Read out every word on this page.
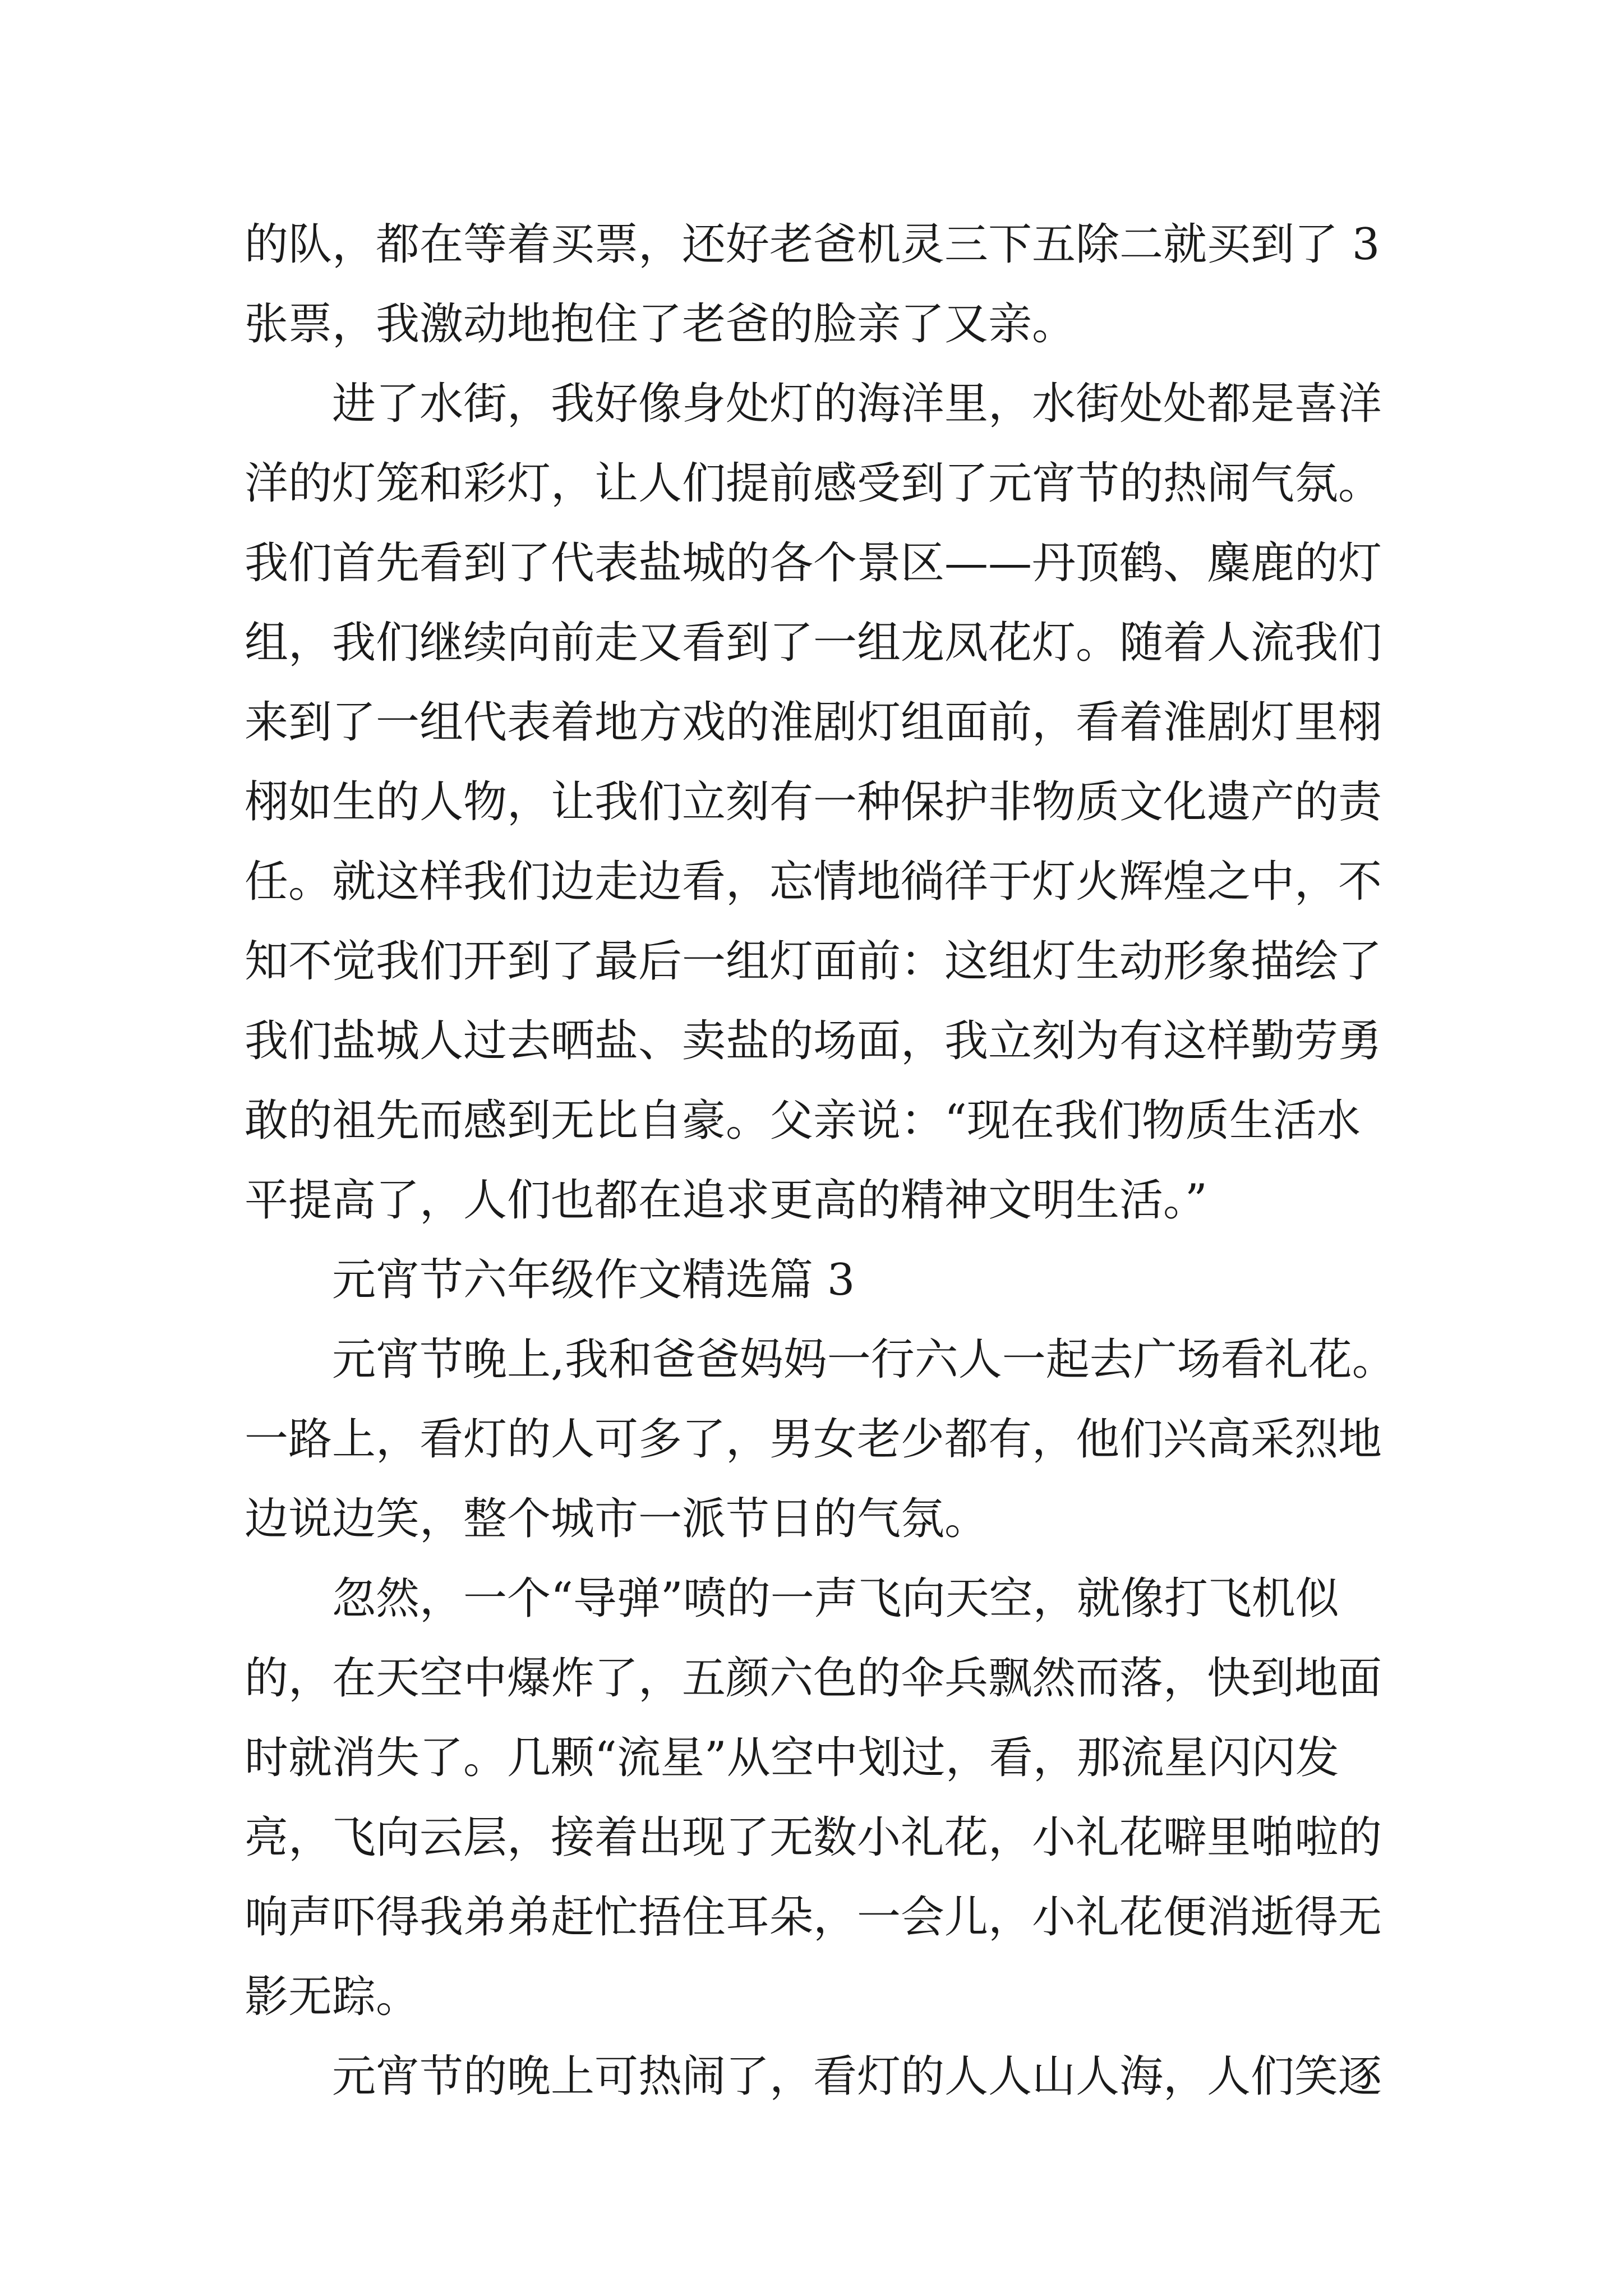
的队，都在等着买票，还好老爸机灵三下五除二就买到了 3
张票，我激动地抱住了老爸的脸亲了又亲。
进了水街，我好像身处灯的海洋里，水街处处都是喜洋
洋的灯笼和彩灯，让人们提前感受到了元宵节的热闹气氛。
我们首先看到了代表盐城的各个景区——丹顶鹤、麋鹿的灯
组，我们继续向前走又看到了一组龙凤花灯。随着人流我们
来到了一组代表着地方戏的淮剧灯组面前，看着淮剧灯里栩
栩如生的人物，让我们立刻有一种保护非物质文化遗产的责
任。就这样我们边走边看，忘情地徜徉于灯火辉煌之中，不
知不觉我们开到了最后一组灯面前：这组灯生动形象描绘了
我们盐城人过去晒盐、卖盐的场面，我立刻为有这样勤劳勇
敢的祖先而感到无比自豪。父亲说：“现在我们物质生活水
平提高了，人们也都在追求更高的精神文明生活。”
元宵节六年级作文精选篇 3
元宵节晚上,我和爸爸妈妈一行六人一起去广场看礼花。
一路上，看灯的人可多了，男女老少都有，他们兴高采烈地
边说边笑，整个城市一派节日的气氛。
忽然，一个“导弹”喷的一声飞向天空，就像打飞机似
的，在天空中爆炸了，五颜六色的伞兵飘然而落，快到地面
时就消失了。几颗“流星”从空中划过，看，那流星闪闪发
亮，飞向云层，接着出现了无数小礼花，小礼花噼里啪啦的
响声吓得我弟弟赶忙捂住耳朵，一会儿，小礼花便消逝得无
影无踪。
元宵节的晚上可热闹了，看灯的人人山人海，人们笑逐
